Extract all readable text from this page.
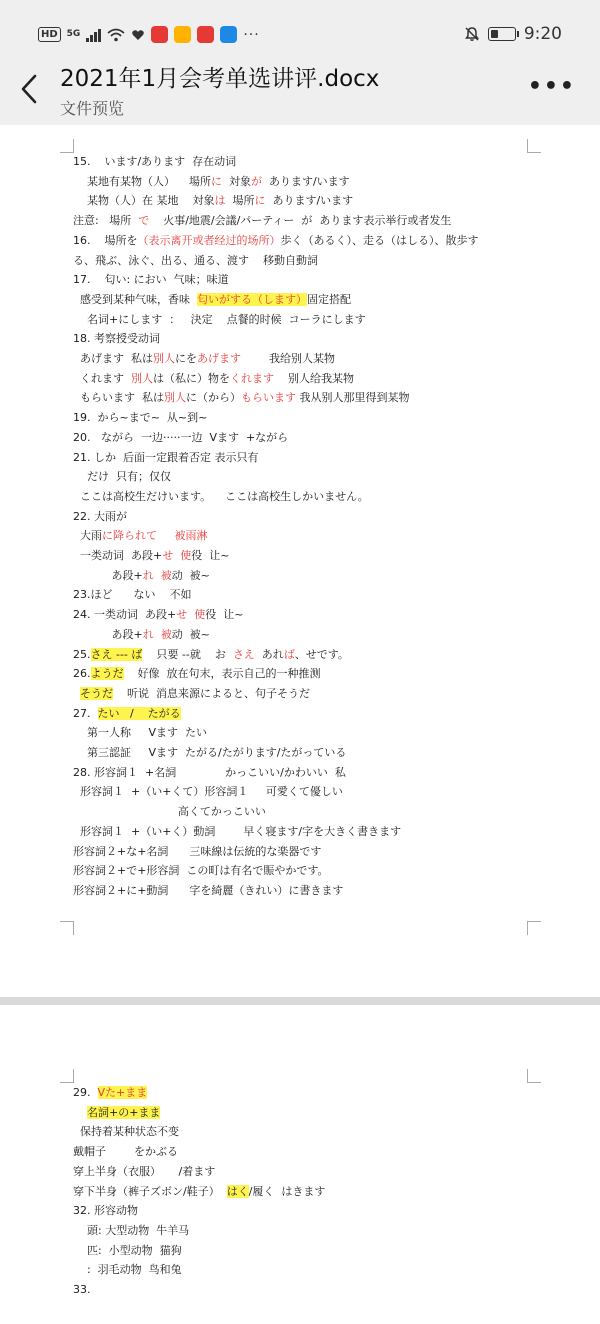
HD	5G	···	9:20
2021年1月会考单选讲评.docx
文件预览
•••
15.    います/あります  存在动词
某地有某物（人）    場所に  対象が  あります/います
某物（人）在 某地    対象は  場所に  あります/います
注意:   場所  で    火事/地震/会議/パーティー  が  あります表示举行或者发生
16.    場所を（表示离开或者经过的场所）歩く（あるく）、走る（はしる）、散歩す
る、飛ぶ、泳ぐ、出る、通る、渡す    移動自動詞
17.    匂い: におい  气味；味道
感受到某种气味，香味  匂いがする（します）固定搭配
名词+にします  ：   決定    点餐的时候  コーラにします
18. 考察授受动词
あげます  私は別人にをあげます        我给别人某物
くれます  別人は（私に）物をくれます    别人给我某物
もらいます  私は別人に（から）もらいます 我从别人那里得到某物
19.  から~まで~  从~到~
20.   ながら  一边·····一边  Vます  +ながら
21. しか  后面一定跟着否定 表示只有
だけ  只有；仅仅
ここは高校生だけいます。    ここは高校生しかいません。
22. 大雨が
大雨に降られて 被雨淋
一类动词  あ段+せ 使役  让~
あ段+れ 被动  被~
23.ほど      ない    不如
24. 一类动词  あ段+せ 使役  让~
あ段+れ 被动  被~
25.さえ --- ば    只要 --就    お  さえ  あれば、せです。
26.ようだ    好像  放在句末，表示自己的一种推测
そうだ    听说  消息来源によると、句子そうだ
27.  たい   /    たがる
第一人称     Vます  たい
第三認証     Vます  たがる/たがります/たがっている
28. 形容詞１  +名詞              かっこいい/かわいい  私
形容詞１  +（い+くて）形容詞１     可愛くて優しい
高くてかっこいい
形容詞１  +（い+く）動詞        早く寝ます/字を大きく書きます
形容詞２+な+名詞      三味線は伝統的な楽器です
形容詞２+で+形容詞  この町は有名で賑やかです。
形容詞２+に+動詞      字を綺麗（きれい）に書きます
29.  Vた+まま
名詞+の+まま
保持着某种状态不变
戴帽子        をかぶる
穿上半身（衣服）     /着ます
穿下半身（裤子ズボン/鞋子）  はく/履く  はきます
32. 形容动物
頭: 大型动物  牛羊马
匹:  小型动物  猫狗
:  羽毛动物  鸟和兔
33.
